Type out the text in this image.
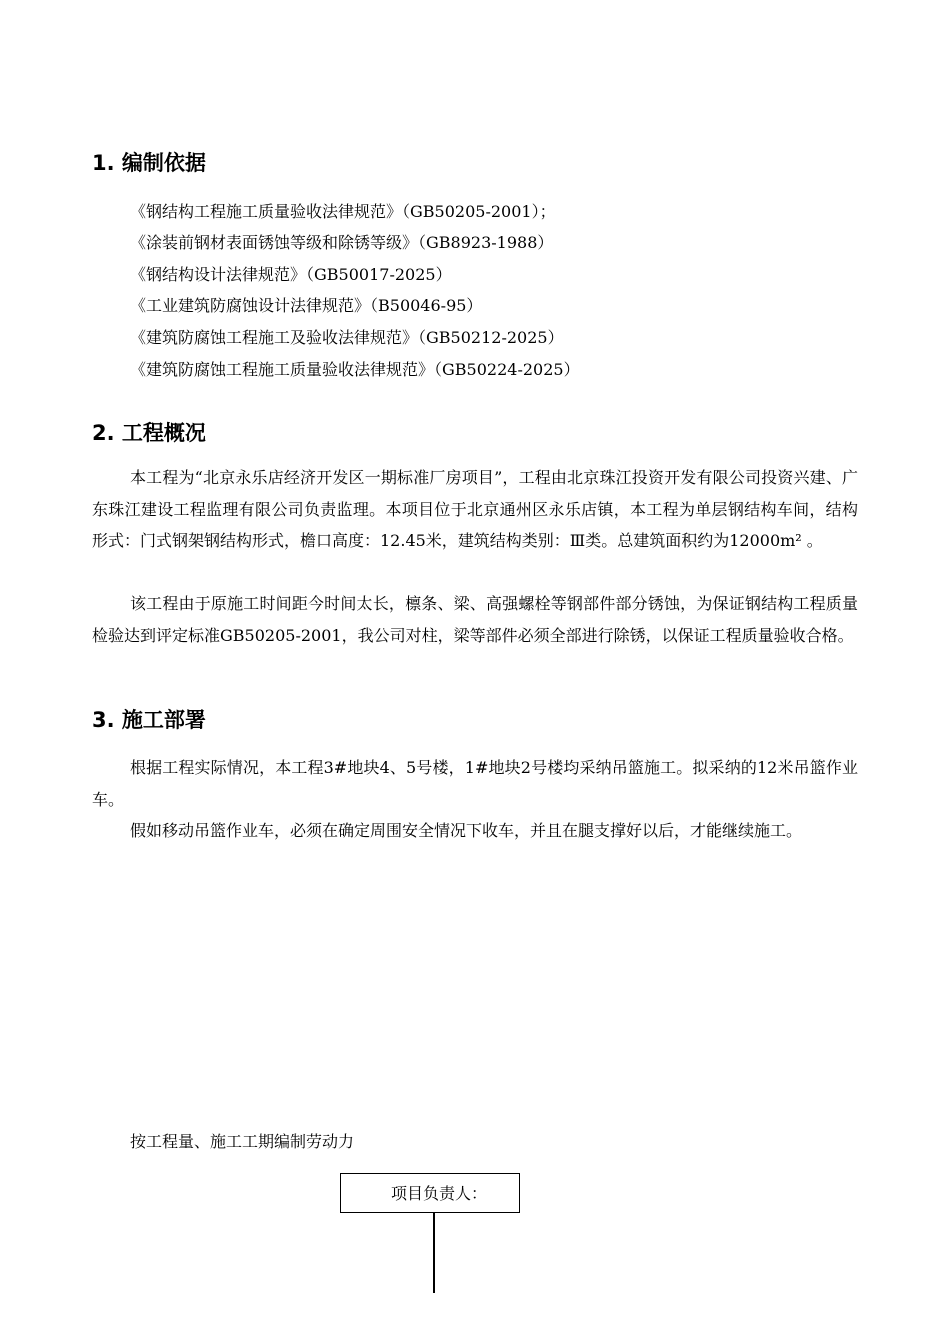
1. 编制依据

《钢结构工程施工质量验收法律规范》（GB50205-2001）；

《涂装前钢材表面锈蚀等级和除锈等级》（GB8923-1988）

《钢结构设计法律规范》（GB50017-2025）

《工业建筑防腐蚀设计法律规范》（B50046-95）

《建筑防腐蚀工程施工及验收法律规范》（GB50212-2025）

《建筑防腐蚀工程施工质量验收法律规范》（GB50224-2025）

2. 工程概况

本工程为“北京永乐店经济开发区一期标准厂房项目”，工程由北京珠江投资开发有限公司投资兴建、广东珠江建设工程监理有限公司负责监理。本项目位于北京通州区永乐店镇，本工程为单层钢结构车间，结构形式：门式钢架钢结构形式，檐口高度：12.45米，建筑结构类别：Ⅲ类。总建筑面积约为12000m² 。

该工程由于原施工时间距今时间太长，檩条、梁、高强螺栓等钢部件部分锈蚀，为保证钢结构工程质量检验达到评定标准GB50205-2001，我公司对柱，梁等部件必须全部进行除锈，以保证工程质量验收合格。

3. 施工部署

根据工程实际情况，本工程3#地块4、5号楼，1#地块2号楼均采纳吊篮施工。拟采纳的12米吊篮作业车。

假如移动吊篮作业车，必须在确定周围安全情况下收车，并且在腿支撑好以后，才能继续施工。

按工程量、施工工期编制劳动力

项目负责人：
